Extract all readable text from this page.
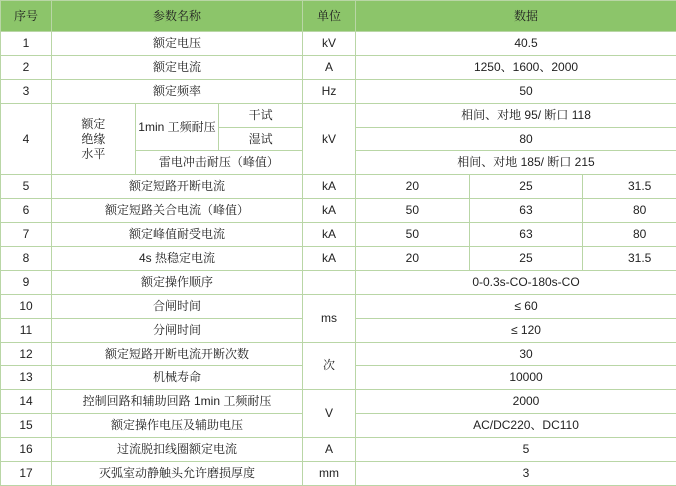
序号	参数名称			单位	数据		
1	额定电压			kV	40.5		
2	额定电流			A	1250、1600、2000		
3	额定频率			Hz	50		
4	额定
绝缘
水平	1min 工频耐压	干试	kV	相间、对地 95/ 断口 118		
			湿试		80		
		雷电冲击耐压（峰值）			相间、对地 185/ 断口 215		
5	额定短路开断电流			kA	20	25	31.5
6	额定短路关合电流（峰值）			kA	50	63	80
7	额定峰值耐受电流			kA	50	63	80
8	4s 热稳定电流			kA	20	25	31.5
9	额定操作顺序				0-0.3s-CO-180s-CO		
10	合闸时间			ms	≤ 60		
11	分闸时间				≤ 120		
12	额定短路开断电流开断次数			次	30		
13	机械寿命				10000		
14	控制回路和辅助回路 1min 工频耐压			V	2000		
15	额定操作电压及辅助电压				AC/DC220、DC110		
16	过流脱扣线圈额定电流			A	5		
17	灭弧室动静触头允许磨损厚度			mm	3		
